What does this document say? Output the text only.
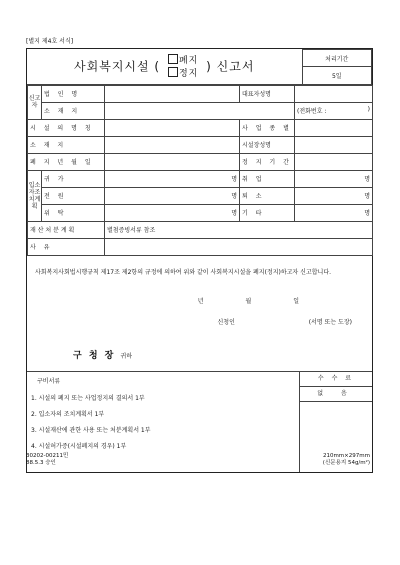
[별지 제4호 서식]
사회복지시설 ( 폐지
정지 ) 신고서	처리기간
5일
신고자	법 인 명		대표자성명	
	소 재 지			(전화번호 : )

시 설 의 명 칭			사 업 종 별	
소 재 지			시설장성명	
폐 지 년 월 일			정 지 기 간	
입소자조치계획	귀 가	명	취 업	명
	전 원	명	퇴 소	명
	위 탁	명	기 타	명
재 산 처 분 계 획		별첨증빙서류 참조		
사 유				
사회복지사회법시행규칙 제17조 제2항의 규정에 의하여 위와 같이 사회복지시설을 폐지(정지)하고자 신고합니다.
년	월	일
신청인	(서명 또는 도장)
구 청 장 귀하
구비서류
1. 시설의 폐지 또는 사업정지의 결의서 1부
2. 입소자의 조치계획서 1부
3. 시설재산에 관한 사용 또는 처분계획서 1부
4. 시설허가증(시설폐지의 경우) 1부
수 수 료
없 음
30202-00211민
88.5.3 승인
210mm×297mm
(신문용지 54g/m²)
